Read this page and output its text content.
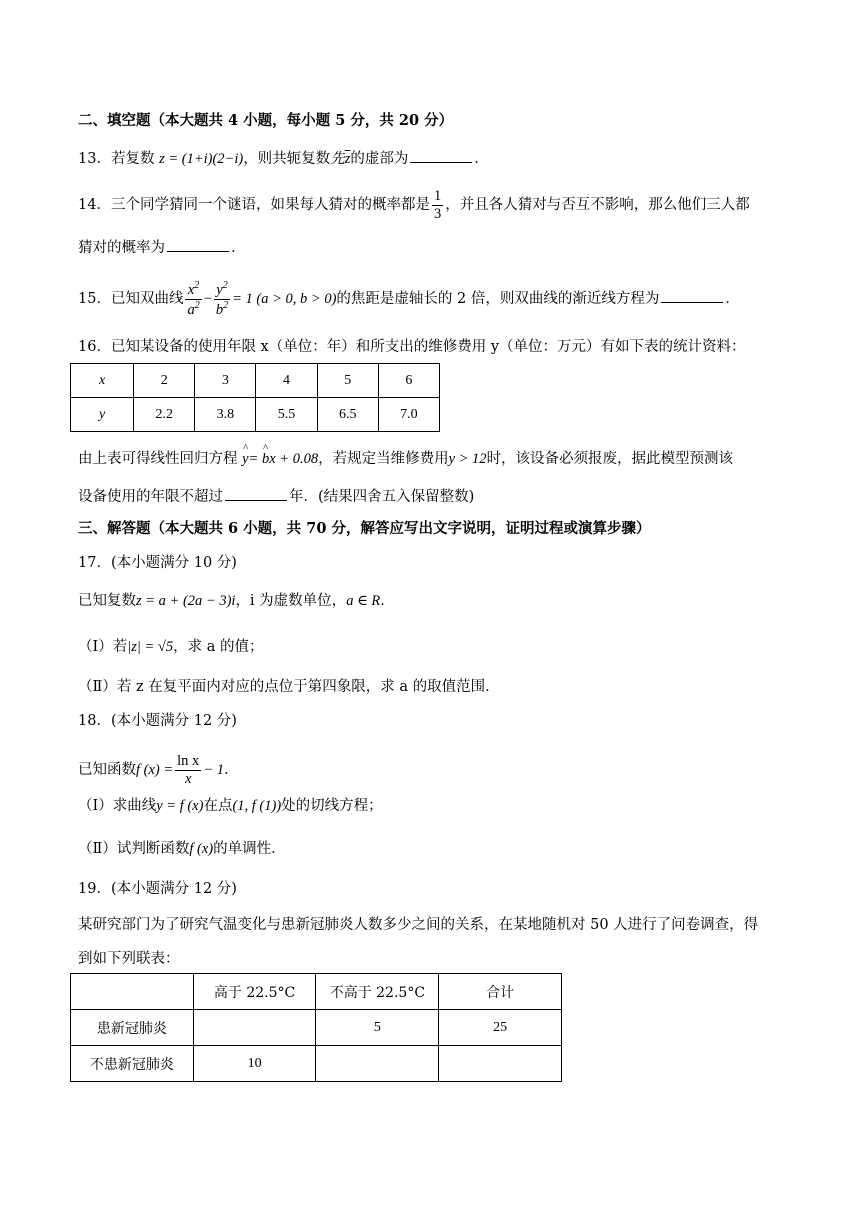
二、填空题（本大题共 4 小题，每小题 5 分，共 20 分）
13．若复数 z = (1+i)(2−i)，则共轭复数先$\overline{z}$的虚部为	．
14．三个同学猜同一个谜语，如果每人猜对的概率都是 $\frac{1}{3}$ ，并且各人猜对与否互不影响，那么他们三人都
猜对的概率为	．
15．已知双曲线 $\frac{x^2}{a^2} - \frac{y^2}{b^2} = 1$ (a > 0, b > 0)的焦距是虚轴长的 2 倍，则双曲线的渐近线方程为	．
16．已知某设备的使用年限 x（单位：年）和所支出的维修费用 y（单位：万元）有如下表的统计资料：
x	2	3	4	5	6
y	2.2	3.8	5.5	6.5	7.0
由上表可得线性回归方程 y
^
= b
^
x + 0.08，若规定当维修费用y > 12时，该设备必须报废，据此模型预测该
设备使用的年限不超过	年．(结果四舍五入保留整数)
三、解答题（本大题共 6 小题，共 70 分，解答应写出文字说明，证明过程或演算步骤）
17．(本小题满分 10 分)
已知复数z = a + (2a − 3)i，i 为虚数单位，a ∈ R．
（Ⅰ）若|z| = √5，求 a 的值；
（Ⅱ）若 z 在复平面内对应的点位于第四象限，求 a 的取值范围．
18．(本小题满分 12 分)
已知函数f $(x) = \frac{\text{ln x}}{x} - 1$．
（Ⅰ）求曲线y = f (x)在点(1, f (1))处的切线方程；
（Ⅱ）试判断函数f (x)的单调性．
19．(本小题满分 12 分)
某研究部门为了研究气温变化与患新冠肺炎人数多少之间的关系，在某地随机对 50 人进行了问卷调查，得
到如下列联表：
	高于 22.5°C	不高于 22.5°C	合计
患新冠肺炎		5	25
不患新冠肺炎	10		
